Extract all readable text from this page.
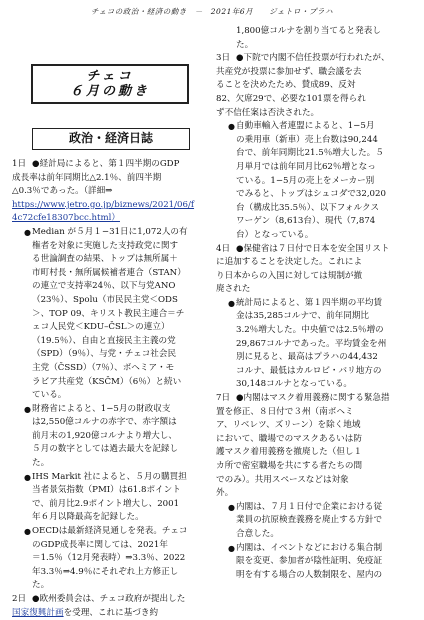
チェコの政治・経済の動き　－　2021年6月　　ジェトロ・プラハ
チェコ
６月の動き
政治・経済日誌

1日 ●経計局によると、第１四半期のGDP

成長率は前年同期比△2.1％、前四半期

△0.3％であった。（詳細⇒

https://www.jetro.go.jp/biznews/2021/06/f

4c72cfe18307bcc.html）

● Median が５月１−31日に1,072人の有

権者を対象に実施した支持政党に関す

る世論調査の結果、トップは無所属＋

市町村長・無所属候補者連合（STAN）

の連立で支持率24％、以下与党ANO

（23％）、Spolu（市民民主党＜ODS

＞、TOP 09、キリスト教民主連合＝チ

ェコ人民党＜KDU–ČSL＞の連立）

（19.5％）、自由と直接民主主義の党

（SPD）（9％）、与党・チェコ社会民

主党（ČSSD）（7％）、ボヘミア・モ

ラビア共産党（KSČM）（6％）と続い

ている。

● 財務省によると、1−5月の財政収支

は2,550億コルナの赤字で、赤字額は

前月末の1,920億コルナより増大し、

５月の数字としては過去最大を記録し

た。

● IHS Markit 社によると、５月の購買担

当者景気指数（PMI）は61.8ポイント

で、前月比2.9ポイント増大し、2001

年６月以降最高を記録した。

● OECDは最新経済見通しを発表。チェコ

のGDP成長率に関しては、2021年

＝1.5％（12月発表時）⇒3.3％、2022

年3.3％⇒4.9％にそれぞれ上方修正し

た。

2日 ●欧州委員会は、チェコ政府が提出した

国家復興計画を受理、これに基づき約

1,800億コルナを割り当てると発表し

た。

3日 ●下院で内閣不信任投票が行われたが、

共産党が投票に参加せず、職会議を去

ることを決めたため、賛成89、反対

82、欠席29で、必要な101票を得られ

ず不信任案は否決された。

● 自動車輸入者連盟によると、1−5月

の乗用車（新車）売上台数は90,244

台で、前年同期比21.5％増大した。５

月単月では前年同月比62％増となっ

ている。1−5月の売上をメーカー別

でみると、トップはシュコダで32,020

台（構成比35.5％）、以下フォルクス

ワーゲン（8,613台）、現代（7,874

台）となっている。

4日 ●保健省は７日付で日本を安全国リスト

に追加することを決定した。これによ

り日本からの入国に対しては規制が撤

廃された

● 統計局によると、第１四半期の平均賃

金は35,285コルナで、前年同期比

3.2％増大した。中央値では2.5％増の

29,867コルナであった。平均賃金を州

別に見ると、最高はプラハの44,432

コルナ、最低はカルロビ・バリ地方の

30,148コルナとなっている。

7日 ●内閣はマスク着用義務に関する緊急措

置を修正、８日付で３州（南ボヘミ

ア、リベレツ、ズリーン）を除く地域

において、職場でのマスクあるいは防

護マスク着用義務を撤廃した（但し１

カ所で密室職場を共にする者たちの間

でのみ）。共用スペースなどは対象

外。

● 内閣は、７月１日付で企業における従

業員の抗原検査義務を廃止する方針で

合意した。

● 内閣は、イベントなどにおける集合制

限を変更、参加者が陰性証明、免疫証

明を有する場合の人数制限を、屋内の
